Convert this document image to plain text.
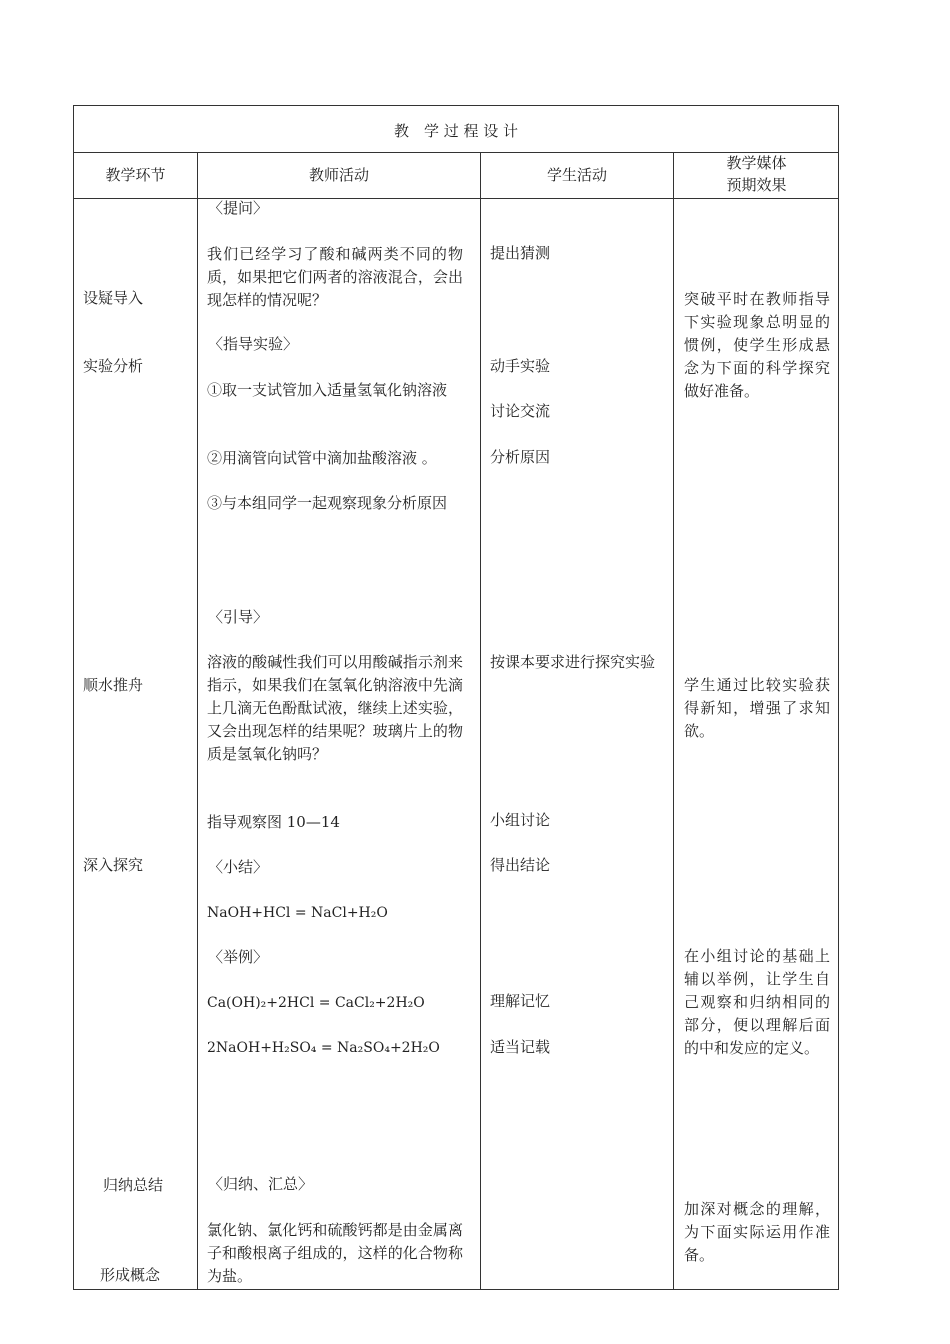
教　学 过 程 设 计
教学环节	教师活动	学生活动
教学媒体
预期效果
设疑导入
实验分析
顺水推舟
深入探究
归纳总结
形成概念
〈提问〉
我们已经学习了酸和碱两类不同的物质，如果把它们两者的溶液混合，会出现怎样的情况呢？
〈指导实验〉
①取一支试管加入适量氢氧化钠溶液
②用滴管向试管中滴加盐酸溶液 。
③与本组同学一起观察现象分析原因
〈引导〉
溶液的酸碱性我们可以用酸碱指示剂来指示，如果我们在氢氧化钠溶液中先滴上几滴无色酚酞试液，继续上述实验，又会出现怎样的结果呢？玻璃片上的物质是氢氧化钠吗？
指导观察图 10—14
〈小结〉
NaOH+HCl = NaCl+H₂O
〈举例〉
Ca(OH)₂+2HCl = CaCl₂+2H₂O
2NaOH+H₂SO₄ = Na₂SO₄+2H₂O
〈归纳、汇总〉
氯化钠、氯化钙和硫酸钙都是由金属离子和酸根离子组成的，这样的化合物称为盐。
提出猜测
动手实验
讨论交流
分析原因
按课本要求进行探究实验
小组讨论
得出结论
理解记忆
适当记载
突破平时在教师指导下实验现象总明显的惯例，使学生形成悬念为下面的科学探究做好准备。
学生通过比较实验获得新知，增强了求知欲。
在小组讨论的基础上辅以举例，让学生自己观察和归纳相同的部分，便以理解后面的中和发应的定义。
加深对概念的理解，为下面实际运用作准备。
